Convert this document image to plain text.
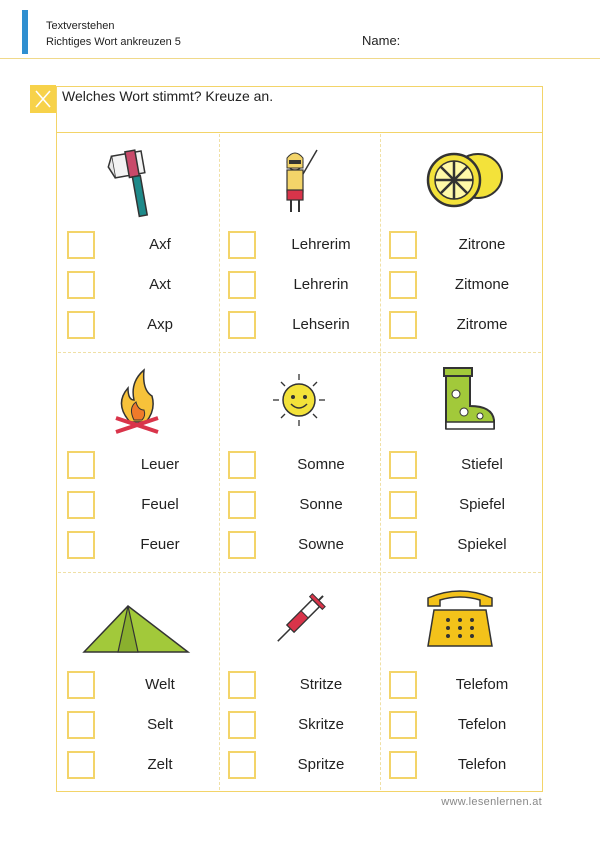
Textverstehen
Richtiges Wort ankreuzen 5	Name:
Welches Wort stimmt? Kreuze an.
Axf
Axt
Axp
Lehrerim
Lehrerin
Lehserin
Zitrone
Zitmone
Zitrome
Leuer
Feuel
Feuer
Somne
Sonne
Sowne
Stiefel
Spiefel
Spiekel
Welt
Selt
Zelt
Stritze
Skritze
Spritze
Telefom
Tefelon
Telefon
www.lesenlernen.at
